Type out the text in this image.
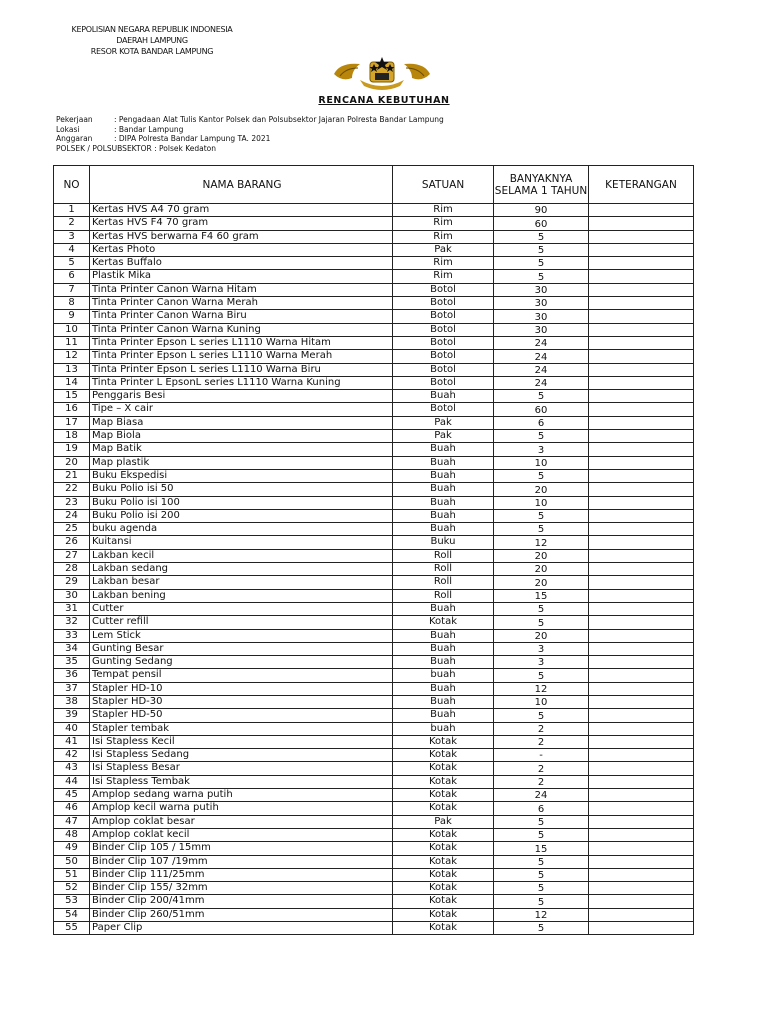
KEPOLISIAN NEGARA REPUBLIK INDONESIA
DAERAH LAMPUNG
RESOR KOTA BANDAR LAMPUNG
RENCANA KEBUTUHAN
Pekerjaan	: Pengadaan Alat Tulis Kantor Polsek dan Polsubsektor Jajaran Polresta Bandar Lampung
Lokasi	: Bandar Lampung
Anggaran	: DIPA Polresta Bandar Lampung TA. 2021
POLSEK / POLSUBSEKTOR : Polsek Kedaton
NO	NAMA BARANG	SATUAN	BANYAKNYA SELAMA 1 TAHUN	KETERANGAN
1	Kertas HVS A4 70 gram	Rim	90	
2	Kertas HVS F4 70 gram	Rim	60	
3	Kertas HVS berwarna F4 60 gram	Rim	5	
4	Kertas Photo	Pak	5	
5	Kertas Buffalo	Rim	5	
6	Plastik Mika	Rim	5	
7	Tinta Printer Canon Warna Hitam	Botol	30	
8	Tinta Printer Canon Warna Merah	Botol	30	
9	Tinta Printer Canon Warna Biru	Botol	30	
10	Tinta Printer Canon Warna Kuning	Botol	30	
11	Tinta Printer Epson L series L1110 Warna Hitam	Botol	24	
12	Tinta Printer Epson L series L1110 Warna Merah	Botol	24	
13	Tinta Printer Epson L series L1110 Warna Biru	Botol	24	
14	Tinta Printer L EpsonL series L1110 Warna Kuning	Botol	24	
15	Penggaris Besi	Buah	5	
16	Tipe – X cair	Botol	60	
17	Map Biasa	Pak	6	
18	Map Biola	Pak	5	
19	Map Batik	Buah	3	
20	Map plastik	Buah	10	
21	Buku Ekspedisi	Buah	5	
22	Buku Polio isi 50	Buah	20	
23	Buku Polio isi 100	Buah	10	
24	Buku Polio isi 200	Buah	5	
25	buku agenda	Buah	5	
26	Kuitansi	Buku	12	
27	Lakban kecil	Roll	20	
28	Lakban sedang	Roll	20	
29	Lakban besar	Roll	20	
30	Lakban bening	Roll	15	
31	Cutter	Buah	5	
32	Cutter refill	Kotak	5	
33	Lem Stick	Buah	20	
34	Gunting Besar	Buah	3	
35	Gunting Sedang	Buah	3	
36	Tempat pensil	buah	5	
37	Stapler HD-10	Buah	12	
38	Stapler HD-30	Buah	10	
39	Stapler HD-50	Buah	5	
40	Stapler tembak	buah	2	
41	Isi Stapless Kecil	Kotak	2	
42	Isi Stapless Sedang	Kotak	-	
43	Isi Stapless Besar	Kotak	2	
44	Isi Stapless Tembak	Kotak	2	
45	Amplop sedang warna putih	Kotak	24	
46	Amplop kecil warna putih	Kotak	6	
47	Amplop coklat besar	Pak	5	
48	Amplop coklat kecil	Kotak	5	
49	Binder Clip 105 / 15mm	Kotak	15	
50	Binder Clip 107 /19mm	Kotak	5	
51	Binder Clip 111/25mm	Kotak	5	
52	Binder Clip 155/ 32mm	Kotak	5	
53	Binder Clip 200/41mm	Kotak	5	
54	Binder Clip 260/51mm	Kotak	12	
55	Paper Clip	Kotak	5	
